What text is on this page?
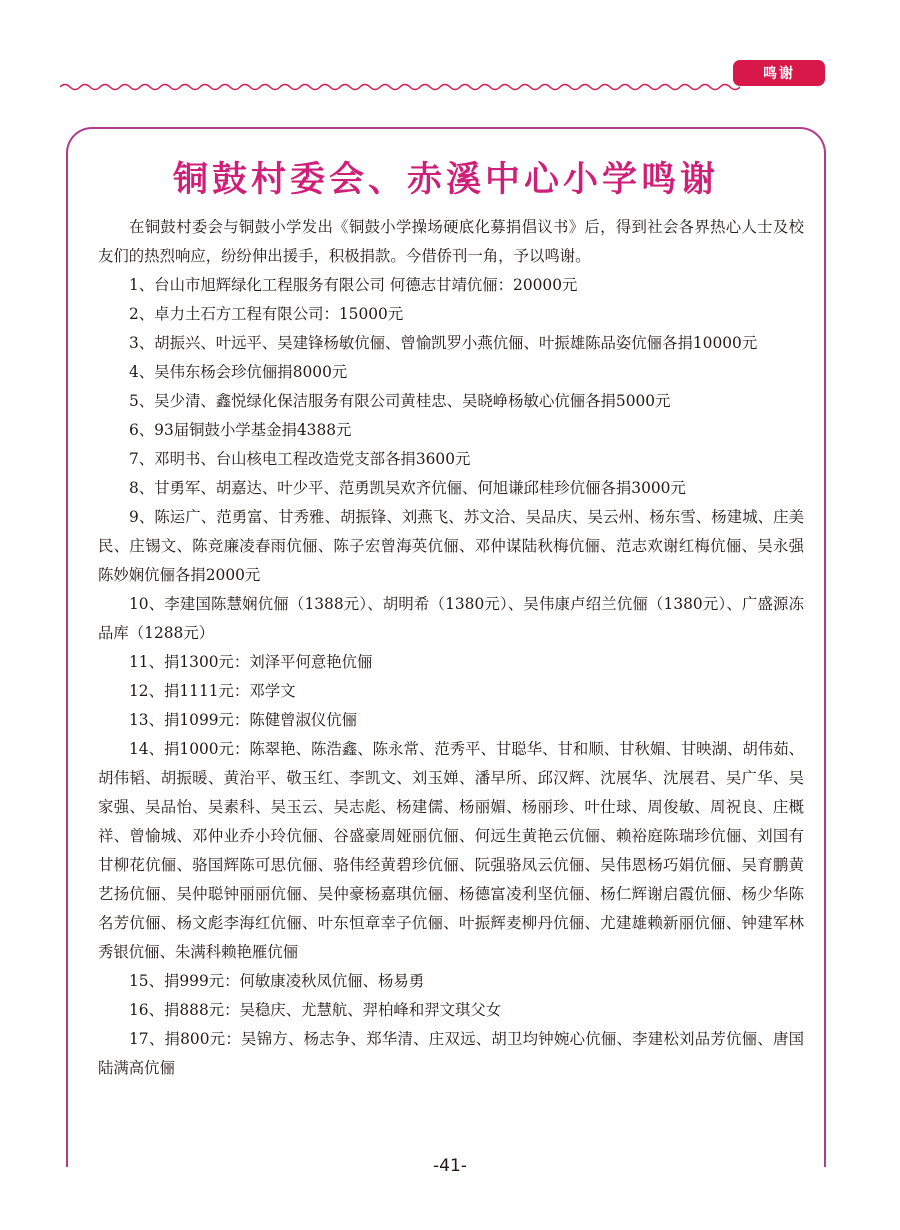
鸣谢
铜鼓村委会、赤溪中心小学鸣谢

在铜鼓村委会与铜鼓小学发出《铜鼓小学操场硬底化募捐倡议书》后，得到社会各界热心人士及校友们的热烈响应，纷纷伸出援手，积极捐款。今借侨刊一角，予以鸣谢。

1、台山市旭辉绿化工程服务有限公司 何德志甘靖伉俪：20000元

2、卓力土石方工程有限公司：15000元

3、胡振兴、叶远平、吴建锋杨敏伉俪、曾愉凯罗小燕伉俪、叶振雄陈品姿伉俪各捐10000元

4、吴伟东杨会珍伉俪捐8000元

5、吴少清、鑫悦绿化保洁服务有限公司黄桂忠、吴晓峥杨敏心伉俪各捐5000元

6、93届铜鼓小学基金捐4388元

7、邓明书、台山核电工程改造党支部各捐3600元

8、甘勇军、胡嘉达、叶少平、范勇凯吴欢齐伉俪、何旭谦邱桂珍伉俪各捐3000元

9、陈运广、范勇富、甘秀雅、胡振锋、刘燕飞、苏文洽、吴品庆、吴云州、杨东雪、杨建城、庄美民、庄锡文、陈竞廉凌春雨伉俪、陈子宏曾海英伉俪、邓仲谋陆秋梅伉俪、范志欢谢红梅伉俪、吴永强陈妙娴伉俪各捐2000元

10、李建国陈慧娴伉俪（1388元）、胡明希（1380元）、吴伟康卢绍兰伉俪（1380元）、广盛源冻品库（1288元）

11、捐1300元：刘泽平何意艳伉俪

12、捐1111元：邓学文

13、捐1099元：陈健曾淑仪伉俪

14、捐1000元：陈翠艳、陈浩鑫、陈永常、范秀平、甘聪华、甘和顺、甘秋媚、甘映湖、胡伟茹、胡伟韬、胡振暖、黄治平、敬玉红、李凯文、刘玉婵、潘早所、邱汉辉、沈展华、沈展君、吴广华、吴家强、吴品怡、吴素科、吴玉云、吴志彪、杨建儒、杨丽媚、杨丽珍、叶仕球、周俊敏、周祝良、庄概祥、曾愉城、邓仲业乔小玲伉俪、谷盛豪周娅丽伉俪、何远生黄艳云伉俪、赖裕庭陈瑞珍伉俪、刘国有甘柳花伉俪、骆国辉陈可思伉俪、骆伟经黄碧珍伉俪、阮强骆凤云伉俪、吴伟恩杨巧娟伉俪、吴育鹏黄艺扬伉俪、吴仲聪钟丽丽伉俪、吴仲豪杨嘉琪伉俪、杨德富凌利坚伉俪、杨仁辉谢启霞伉俪、杨少华陈名芳伉俪、杨文彪李海红伉俪、叶东恒章幸子伉俪、叶振辉麦柳丹伉俪、尤建雄赖新丽伉俪、钟建军林秀银伉俪、朱满科赖艳雁伉俪

15、捐999元：何敏康凌秋凤伉俪、杨易勇

16、捐888元：吴稳庆、尤慧航、羿柏峰和羿文琪父女

17、捐800元：吴锦方、杨志争、郑华清、庄双远、胡卫均钟婉心伉俪、李建松刘品芳伉俪、唐国陆满高伉俪

-41-
